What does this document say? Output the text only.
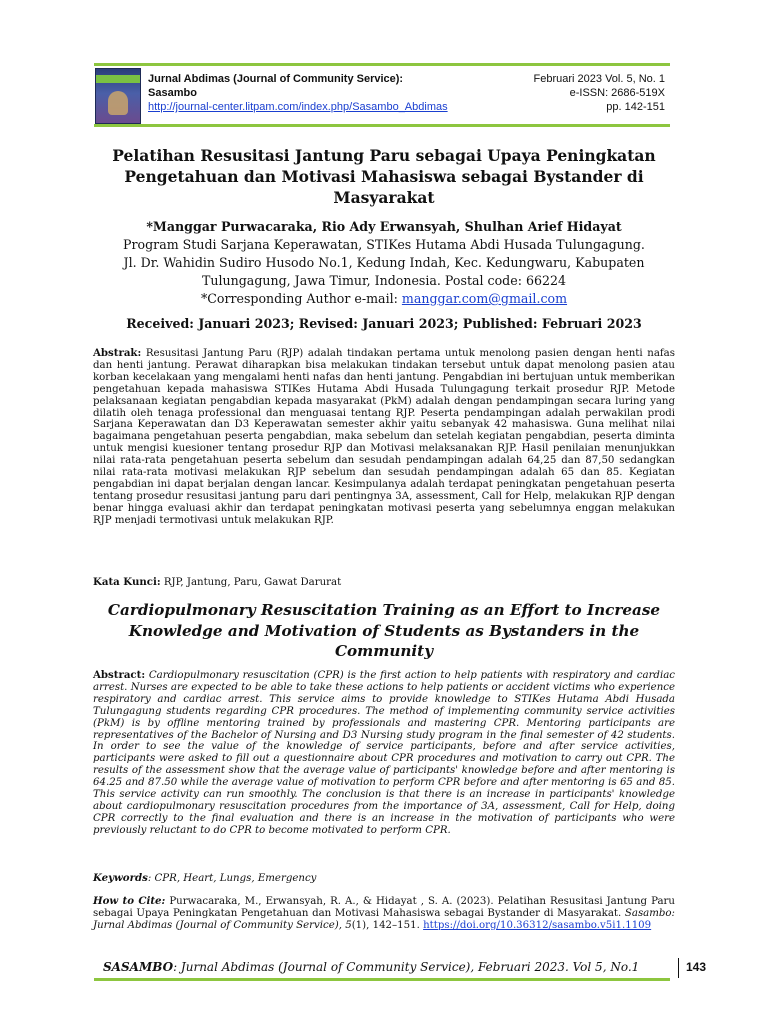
Jurnal Abdimas (Journal of Community Service):
Sasambo
http://journal-center.litpam.com/index.php/Sasambo_Abdimas
Februari 2023 Vol. 5, No. 1
e-ISSN: 2686-519X
pp. 142-151
Pelatihan Resusitasi Jantung Paru sebagai Upaya Peningkatan Pengetahuan dan Motivasi Mahasiswa sebagai Bystander di Masyarakat
*Manggar Purwacaraka, Rio Ady Erwansyah, Shulhan Arief Hidayat
Program Studi Sarjana Keperawatan, STIKes Hutama Abdi Husada Tulungagung.
Jl. Dr. Wahidin Sudiro Husodo No.1, Kedung Indah, Kec. Kedungwaru, Kabupaten Tulungagung, Jawa Timur, Indonesia. Postal code: 66224
*Corresponding Author e-mail: manggar.com@gmail.com
Received: Januari 2023; Revised: Januari 2023; Published: Februari 2023
Abstrak: Resusitasi Jantung Paru (RJP) adalah tindakan pertama untuk menolong pasien dengan henti nafas dan henti jantung. Perawat diharapkan bisa melakukan tindakan tersebut untuk dapat menolong pasien atau korban kecelakaan yang mengalami henti nafas dan henti jantung. Pengabdian ini bertujuan untuk memberikan pengetahuan kepada mahasiswa STIKes Hutama Abdi Husada Tulungagung terkait prosedur RJP. Metode pelaksanaan kegiatan pengabdian kepada masyarakat (PkM) adalah dengan pendampingan secara luring yang dilatih oleh tenaga professional dan menguasai tentang RJP. Peserta pendampingan adalah perwakilan prodi Sarjana Keperawatan dan D3 Keperawatan semester akhir yaitu sebanyak 42 mahasiswa. Guna melihat nilai bagaimana pengetahuan peserta pengabdian, maka sebelum dan setelah kegiatan pengabdian, peserta diminta untuk mengisi kuesioner tentang prosedur RJP dan Motivasi melaksanakan RJP. Hasil penilaian menunjukkan nilai rata-rata pengetahuan peserta sebelum dan sesudah pendampingan adalah 64,25 dan 87,50 sedangkan nilai rata-rata motivasi melakukan RJP sebelum dan sesudah pendampingan adalah 65 dan 85. Kegiatan pengabdian ini dapat berjalan dengan lancar. Kesimpulanya adalah terdapat peningkatan pengetahuan peserta tentang prosedur resusitasi jantung paru dari pentingnya 3A, assessment, Call for Help, melakukan RJP dengan benar hingga evaluasi akhir dan terdapat peningkatan motivasi peserta yang sebelumnya enggan melakukan RJP menjadi termotivasi untuk melakukan RJP.
Kata Kunci: RJP, Jantung, Paru, Gawat Darurat
Cardiopulmonary Resuscitation Training as an Effort to Increase Knowledge and Motivation of Students as Bystanders in the Community
Abstract: Cardiopulmonary resuscitation (CPR) is the first action to help patients with respiratory and cardiac arrest. Nurses are expected to be able to take these actions to help patients or accident victims who experience respiratory and cardiac arrest. This service aims to provide knowledge to STIKes Hutama Abdi Husada Tulungagung students regarding CPR procedures. The method of implementing community service activities (PkM) is by offline mentoring trained by professionals and mastering CPR. Mentoring participants are representatives of the Bachelor of Nursing and D3 Nursing study program in the final semester of 42 students. In order to see the value of the knowledge of service participants, before and after service activities, participants were asked to fill out a questionnaire about CPR procedures and motivation to carry out CPR. The results of the assessment show that the average value of participants' knowledge before and after mentoring is 64.25 and 87.50 while the average value of motivation to perform CPR before and after mentoring is 65 and 85. This service activity can run smoothly. The conclusion is that there is an increase in participants' knowledge about cardiopulmonary resuscitation procedures from the importance of 3A, assessment, Call for Help, doing CPR correctly to the final evaluation and there is an increase in the motivation of participants who were previously reluctant to do CPR to become motivated to perform CPR.
Keywords: CPR, Heart, Lungs, Emergency
How to Cite: Purwacaraka, M., Erwansyah, R. A., & Hidayat , S. A. (2023). Pelatihan Resusitasi Jantung Paru sebagai Upaya Peningkatan Pengetahuan dan Motivasi Mahasiswa sebagai Bystander di Masyarakat. Sasambo: Jurnal Abdimas (Journal of Community Service), 5(1), 142–151. https://doi.org/10.36312/sasambo.v5i1.1109
SASAMBO: Jurnal Abdimas (Journal of Community Service), Februari 2023. Vol 5, No.1	143
